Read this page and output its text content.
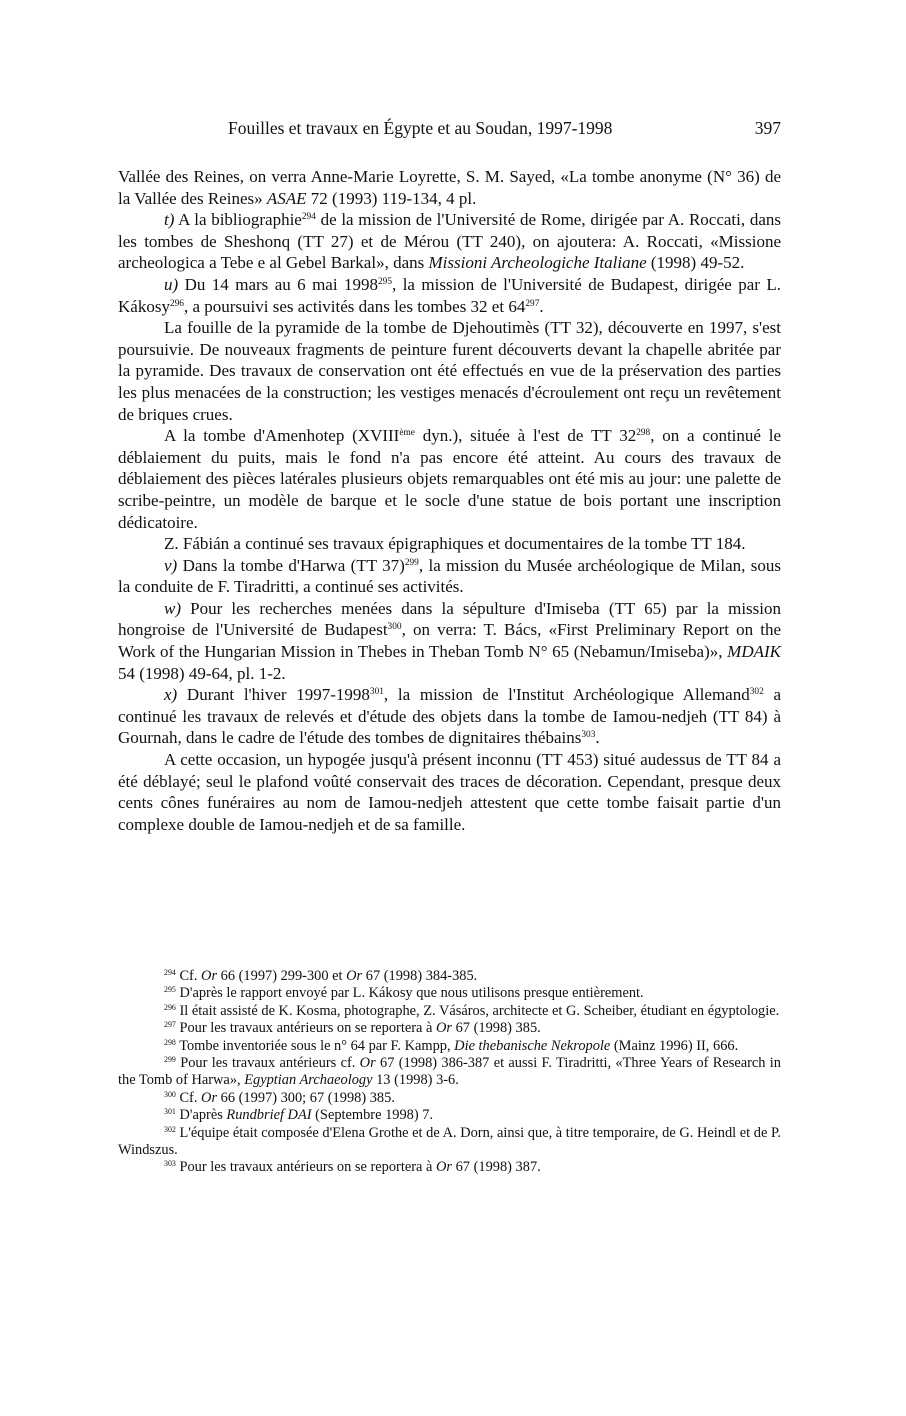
Fouilles et travaux en Égypte et au Soudan, 1997-1998	397

Vallée des Reines, on verra Anne-Marie Loyrette, S. M. Sayed, «La tombe anonyme (N° 36) de la Vallée des Reines» ASAE 72 (1993) 119-134, 4 pl.

t) A la bibliographie$^{294}$ de la mission de l'Université de Rome, dirigée par A. Roccati, dans les tombes de Sheshonq (TT 27) et de Mérou (TT 240), on ajoutera: A. Roccati, «Missione archeologica a Tebe e al Gebel Barkal», dans Missioni Archeologiche Italiane (1998) 49-52.

u) Du 14 mars au 6 mai 1998$^{295}$, la mission de l'Université de Budapest, dirigée par L. Kákosy$^{296}$, a poursuivi ses activités dans les tombes 32 et $64^{297}$.

La fouille de la pyramide de la tombe de Djehoutimès (TT 32), découverte en 1997, s'est poursuivie. De nouveaux fragments de peinture furent découverts devant la chapelle abritée par la pyramide. Des travaux de conservation ont été effectués en vue de la préservation des parties les plus menacées de la construction; les vestiges menacés d'écroulement ont reçu un revêtement de briques crues.

A la tombe d'Amenhotep (XVIIIème dyn.), située à l'est de TT $32^{298}$, on a continué le déblaiement du puits, mais le fond n'a pas encore été atteint. Au cours des travaux de déblaiement des pièces latérales plusieurs objets remarquables ont été mis au jour: une palette de scribe-peintre, un modèle de barque et le socle d'une statue de bois portant une inscription dédicatoire.

Z. Fábián a continué ses travaux épigraphiques et documentaires de la tombe TT 184.

v) Dans la tombe d'Harwa (TT 37)$^{299}$, la mission du Musée archéologique de Milan, sous la conduite de F. Tiradritti, a continué ses activités.

w) Pour les recherches menées dans la sépulture d'Imiseba (TT 65) par la mission hongroise de l'Université de Budapest$^{300}$, on verra: T. Bács, «First Preliminary Report on the Work of the Hungarian Mission in Thebes in Theban Tomb N° 65 (Nebamun/Imiseba)», MDAIK 54 (1998) 49-64, pl. 1-2.

x) Durant l'hiver 1997-1998$^{301}$, la mission de l'Institut Archéologique Allemand$^{302}$ a continué les travaux de relevés et d'étude des objets dans la tombe de Iamou-nedjeh (TT 84) à Gournah, dans le cadre de l'étude des tombes de dignitaires thébains$^{303}$.

A cette occasion, un hypogée jusqu'à présent inconnu (TT 453) situé audessus de TT 84 a été déblayé; seul le plafond voûté conservait des traces de décoration. Cependant, presque deux cents cônes funéraires au nom de Iamou-nedjeh attestent que cette tombe faisait partie d'un complexe double de Iamou-nedjeh et de sa famille.

$^{294}$ Cf. Or 66 (1997) 299-300 et Or 67 (1998) 384-385.

$^{295}$ D'après le rapport envoyé par L. Kákosy que nous utilisons presque entièrement.

$^{296}$ Il était assisté de K. Kosma, photographe, Z. Vásáros, architecte et G. Scheiber, étudiant en égyptologie.

$^{297}$ Pour les travaux antérieurs on se reportera à Or 67 (1998) 385.

$^{298}$ Tombe inventoriée sous le n° 64 par F. Kampp, Die thebanische Nekropole (Mainz 1996) II, 666.

$^{299}$ Pour les travaux antérieurs cf. Or 67 (1998) 386-387 et aussi F. Tiradritti, «Three Years of Research in the Tomb of Harwa», Egyptian Archaeology 13 (1998) 3-6.

$^{300}$ Cf. Or 66 (1997) 300; 67 (1998) 385.

$^{301}$ D'après Rundbrief DAI (Septembre 1998) 7.

$^{302}$ L'équipe était composée d'Elena Grothe et de A. Dorn, ainsi que, à titre temporaire, de G. Heindl et de P. Windszus.

$^{303}$ Pour les travaux antérieurs on se reportera à Or 67 (1998) 387.
